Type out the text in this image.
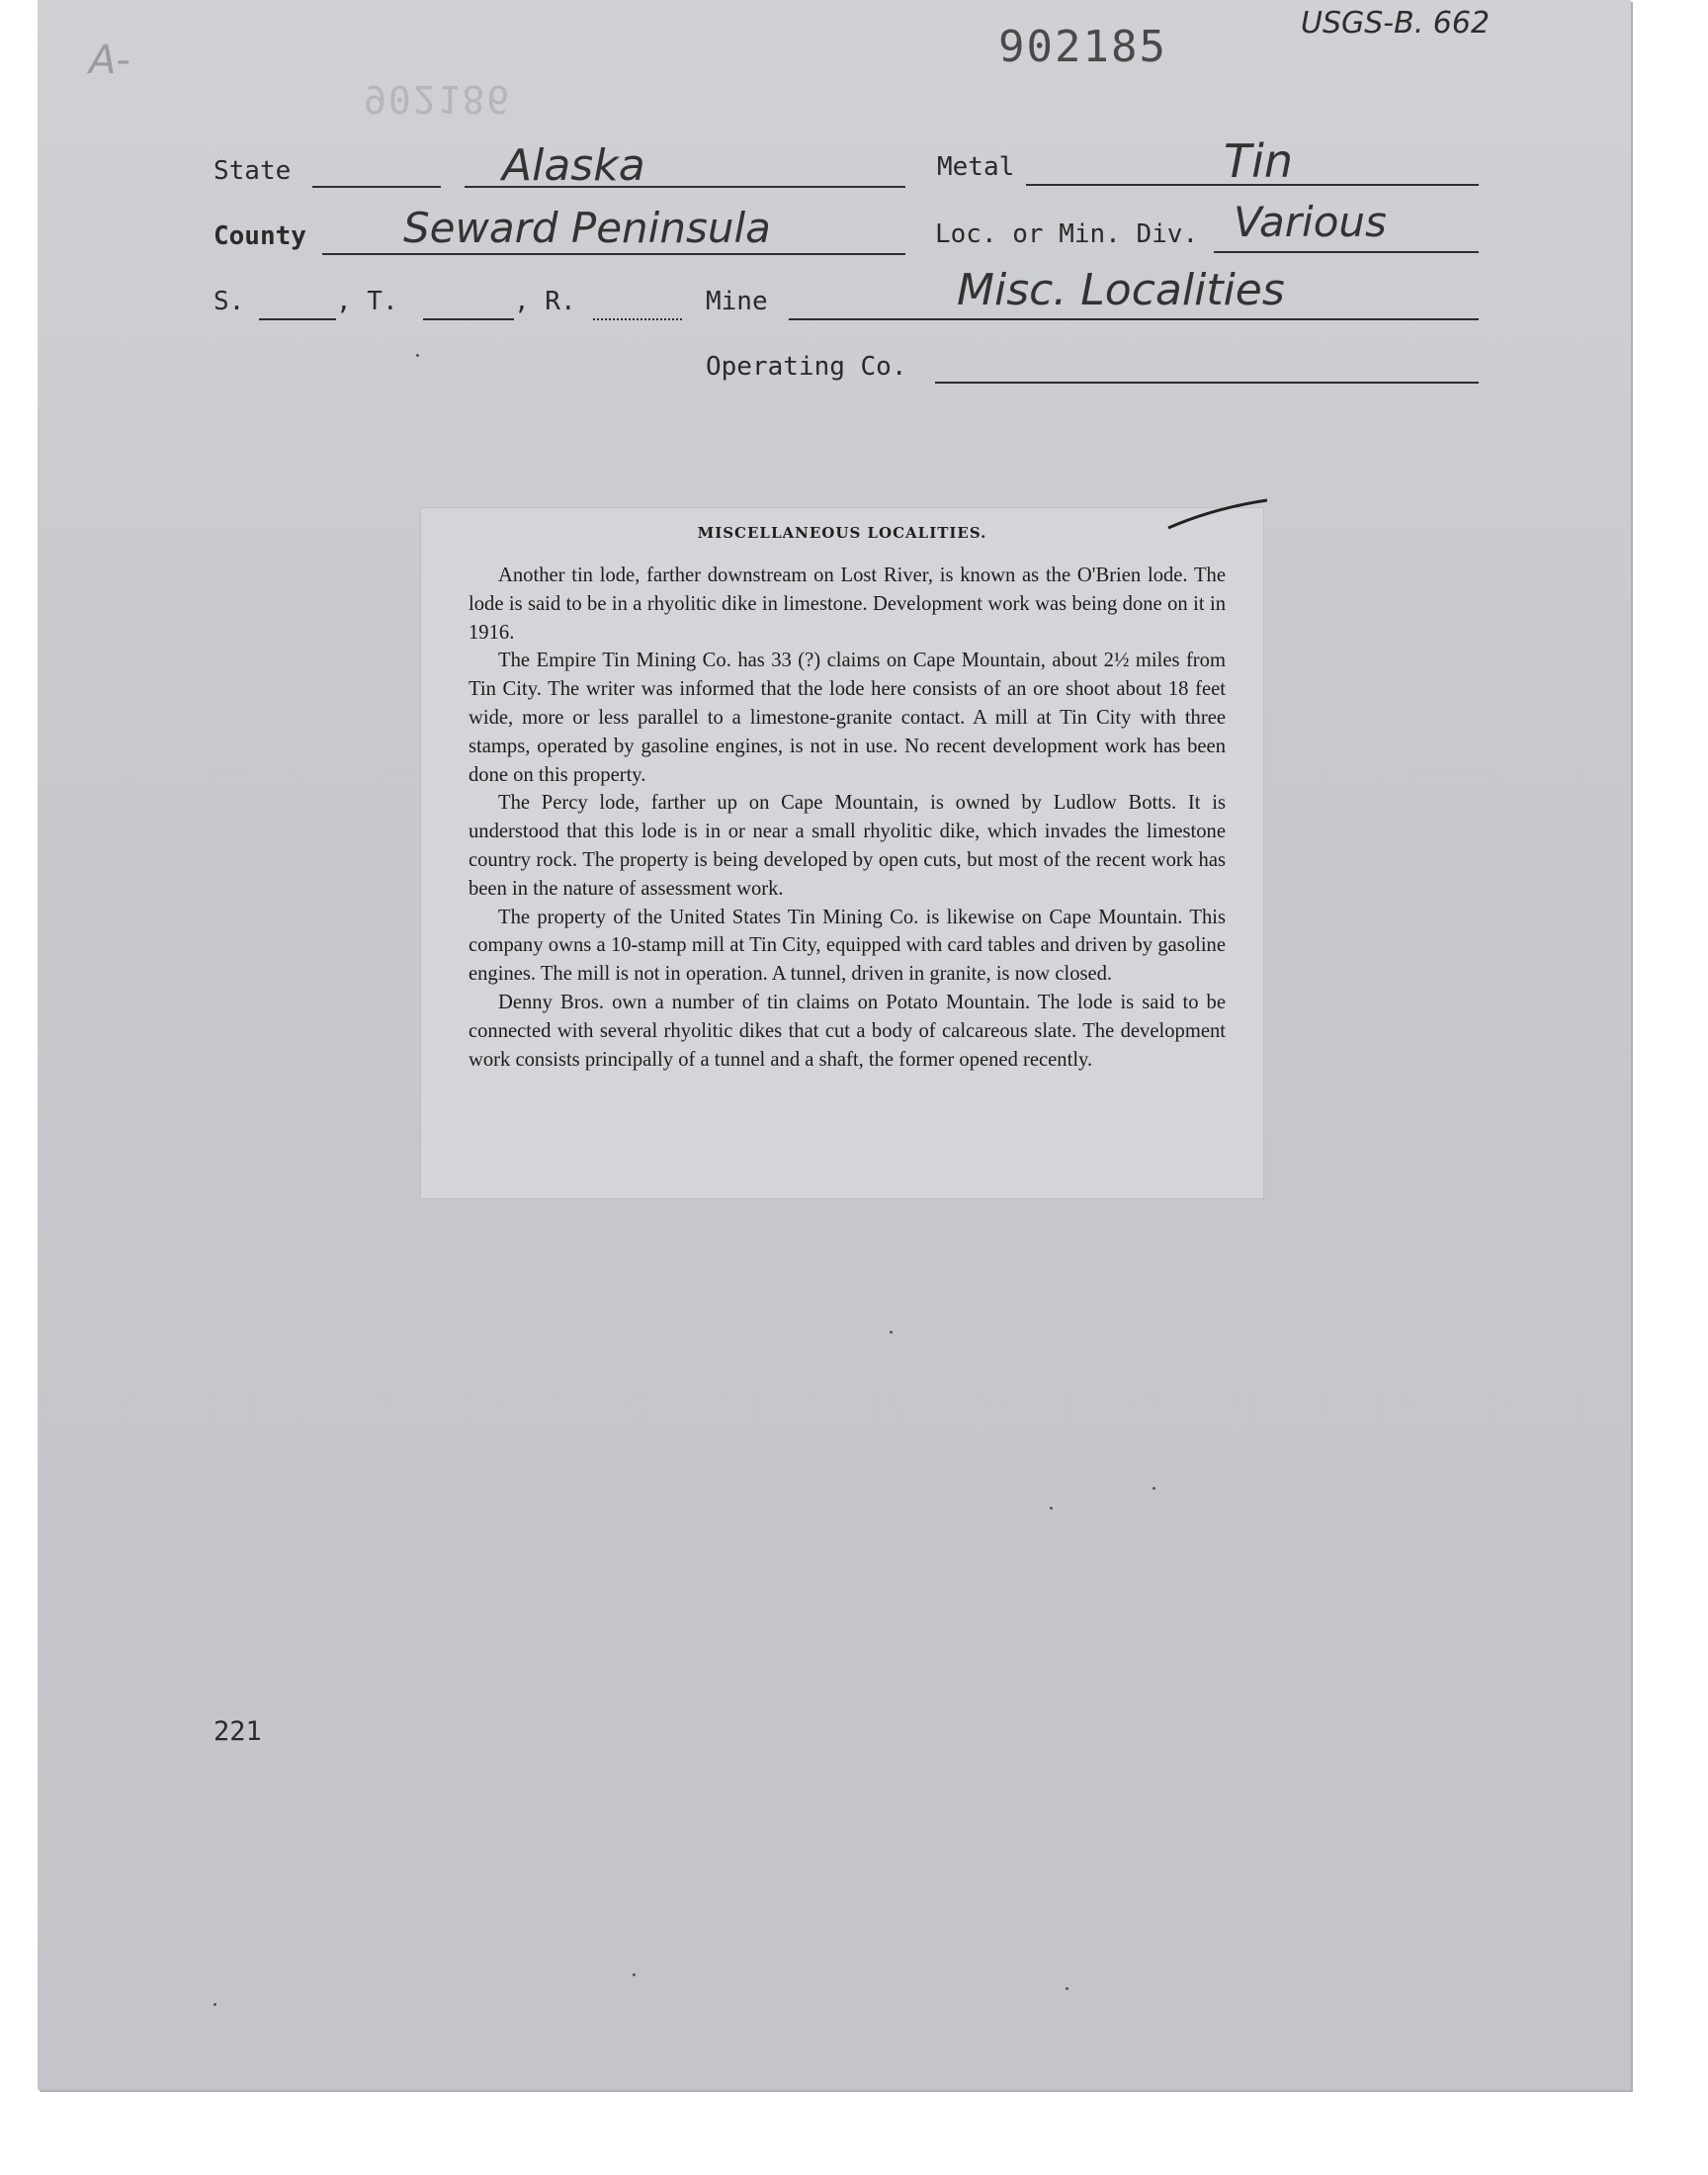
A-
902186
902185	USGS-B. 662
State	Alaska	Metal	Tin
County Seward Peninsula	Loc. or Min. Div. Various
S.	, T.	, R.	Mine	Misc. Localities
Operating Co.
MISCELLANEOUS LOCALITIES.

Another tin lode, farther downstream on Lost River, is known as the O'Brien lode. The lode is said to be in a rhyolitic dike in limestone. Development work was being done on it in 1916.

The Empire Tin Mining Co. has 33 (?) claims on Cape Mountain, about 2½ miles from Tin City. The writer was informed that the lode here consists of an ore shoot about 18 feet wide, more or less parallel to a limestone-granite contact. A mill at Tin City with three stamps, operated by gasoline engines, is not in use. No recent development work has been done on this property.

The Percy lode, farther up on Cape Mountain, is owned by Ludlow Botts. It is understood that this lode is in or near a small rhyolitic dike, which invades the limestone country rock. The property is being developed by open cuts, but most of the recent work has been in the nature of assessment work.

The property of the United States Tin Mining Co. is likewise on Cape Mountain. This company owns a 10-stamp mill at Tin City, equipped with card tables and driven by gasoline engines. The mill is not in operation. A tunnel, driven in granite, is now closed.

Denny Bros. own a number of tin claims on Potato Mountain. The lode is said to be connected with several rhyolitic dikes that cut a body of calcareous slate. The development work consists principally of a tunnel and a shaft, the former opened recently.

221
